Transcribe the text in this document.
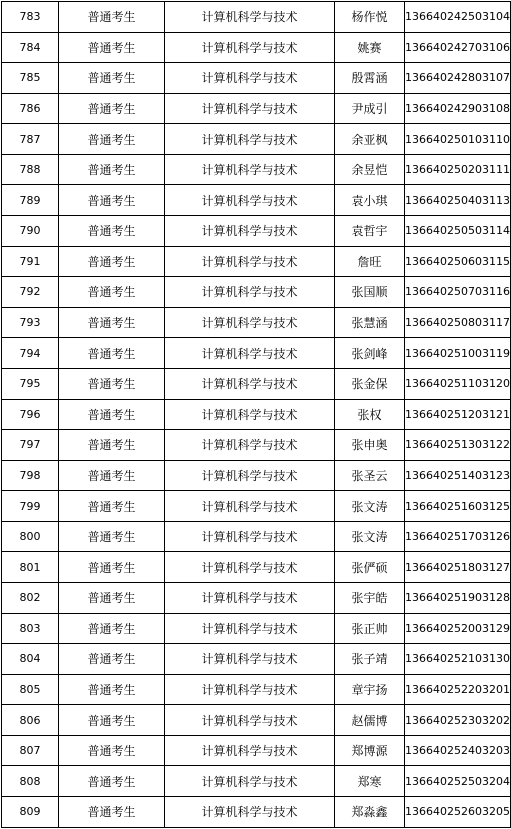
783	普通考生	计算机科学与技术	杨作悦	136640242503104
784	普通考生	计算机科学与技术	姚赛	136640242703106
785	普通考生	计算机科学与技术	殷霄涵	136640242803107
786	普通考生	计算机科学与技术	尹成引	136640242903108
787	普通考生	计算机科学与技术	余亚枫	136640250103110
788	普通考生	计算机科学与技术	余昱恺	136640250203111
789	普通考生	计算机科学与技术	袁小琪	136640250403113
790	普通考生	计算机科学与技术	袁哲宇	136640250503114
791	普通考生	计算机科学与技术	詹旺	136640250603115
792	普通考生	计算机科学与技术	张国顺	136640250703116
793	普通考生	计算机科学与技术	张慧涵	136640250803117
794	普通考生	计算机科学与技术	张剑峰	136640251003119
795	普通考生	计算机科学与技术	张金保	136640251103120
796	普通考生	计算机科学与技术	张权	136640251203121
797	普通考生	计算机科学与技术	张申奥	136640251303122
798	普通考生	计算机科学与技术	张圣云	136640251403123
799	普通考生	计算机科学与技术	张文涛	136640251603125
800	普通考生	计算机科学与技术	张文涛	136640251703126
801	普通考生	计算机科学与技术	张俨硕	136640251803127
802	普通考生	计算机科学与技术	张宇皓	136640251903128
803	普通考生	计算机科学与技术	张正帅	136640252003129
804	普通考生	计算机科学与技术	张子靖	136640252103130
805	普通考生	计算机科学与技术	章宇扬	136640252203201
806	普通考生	计算机科学与技术	赵儒博	136640252303202
807	普通考生	计算机科学与技术	郑博源	136640252403203
808	普通考生	计算机科学与技术	郑寒	136640252503204
809	普通考生	计算机科学与技术	郑淼鑫	136640252603205
